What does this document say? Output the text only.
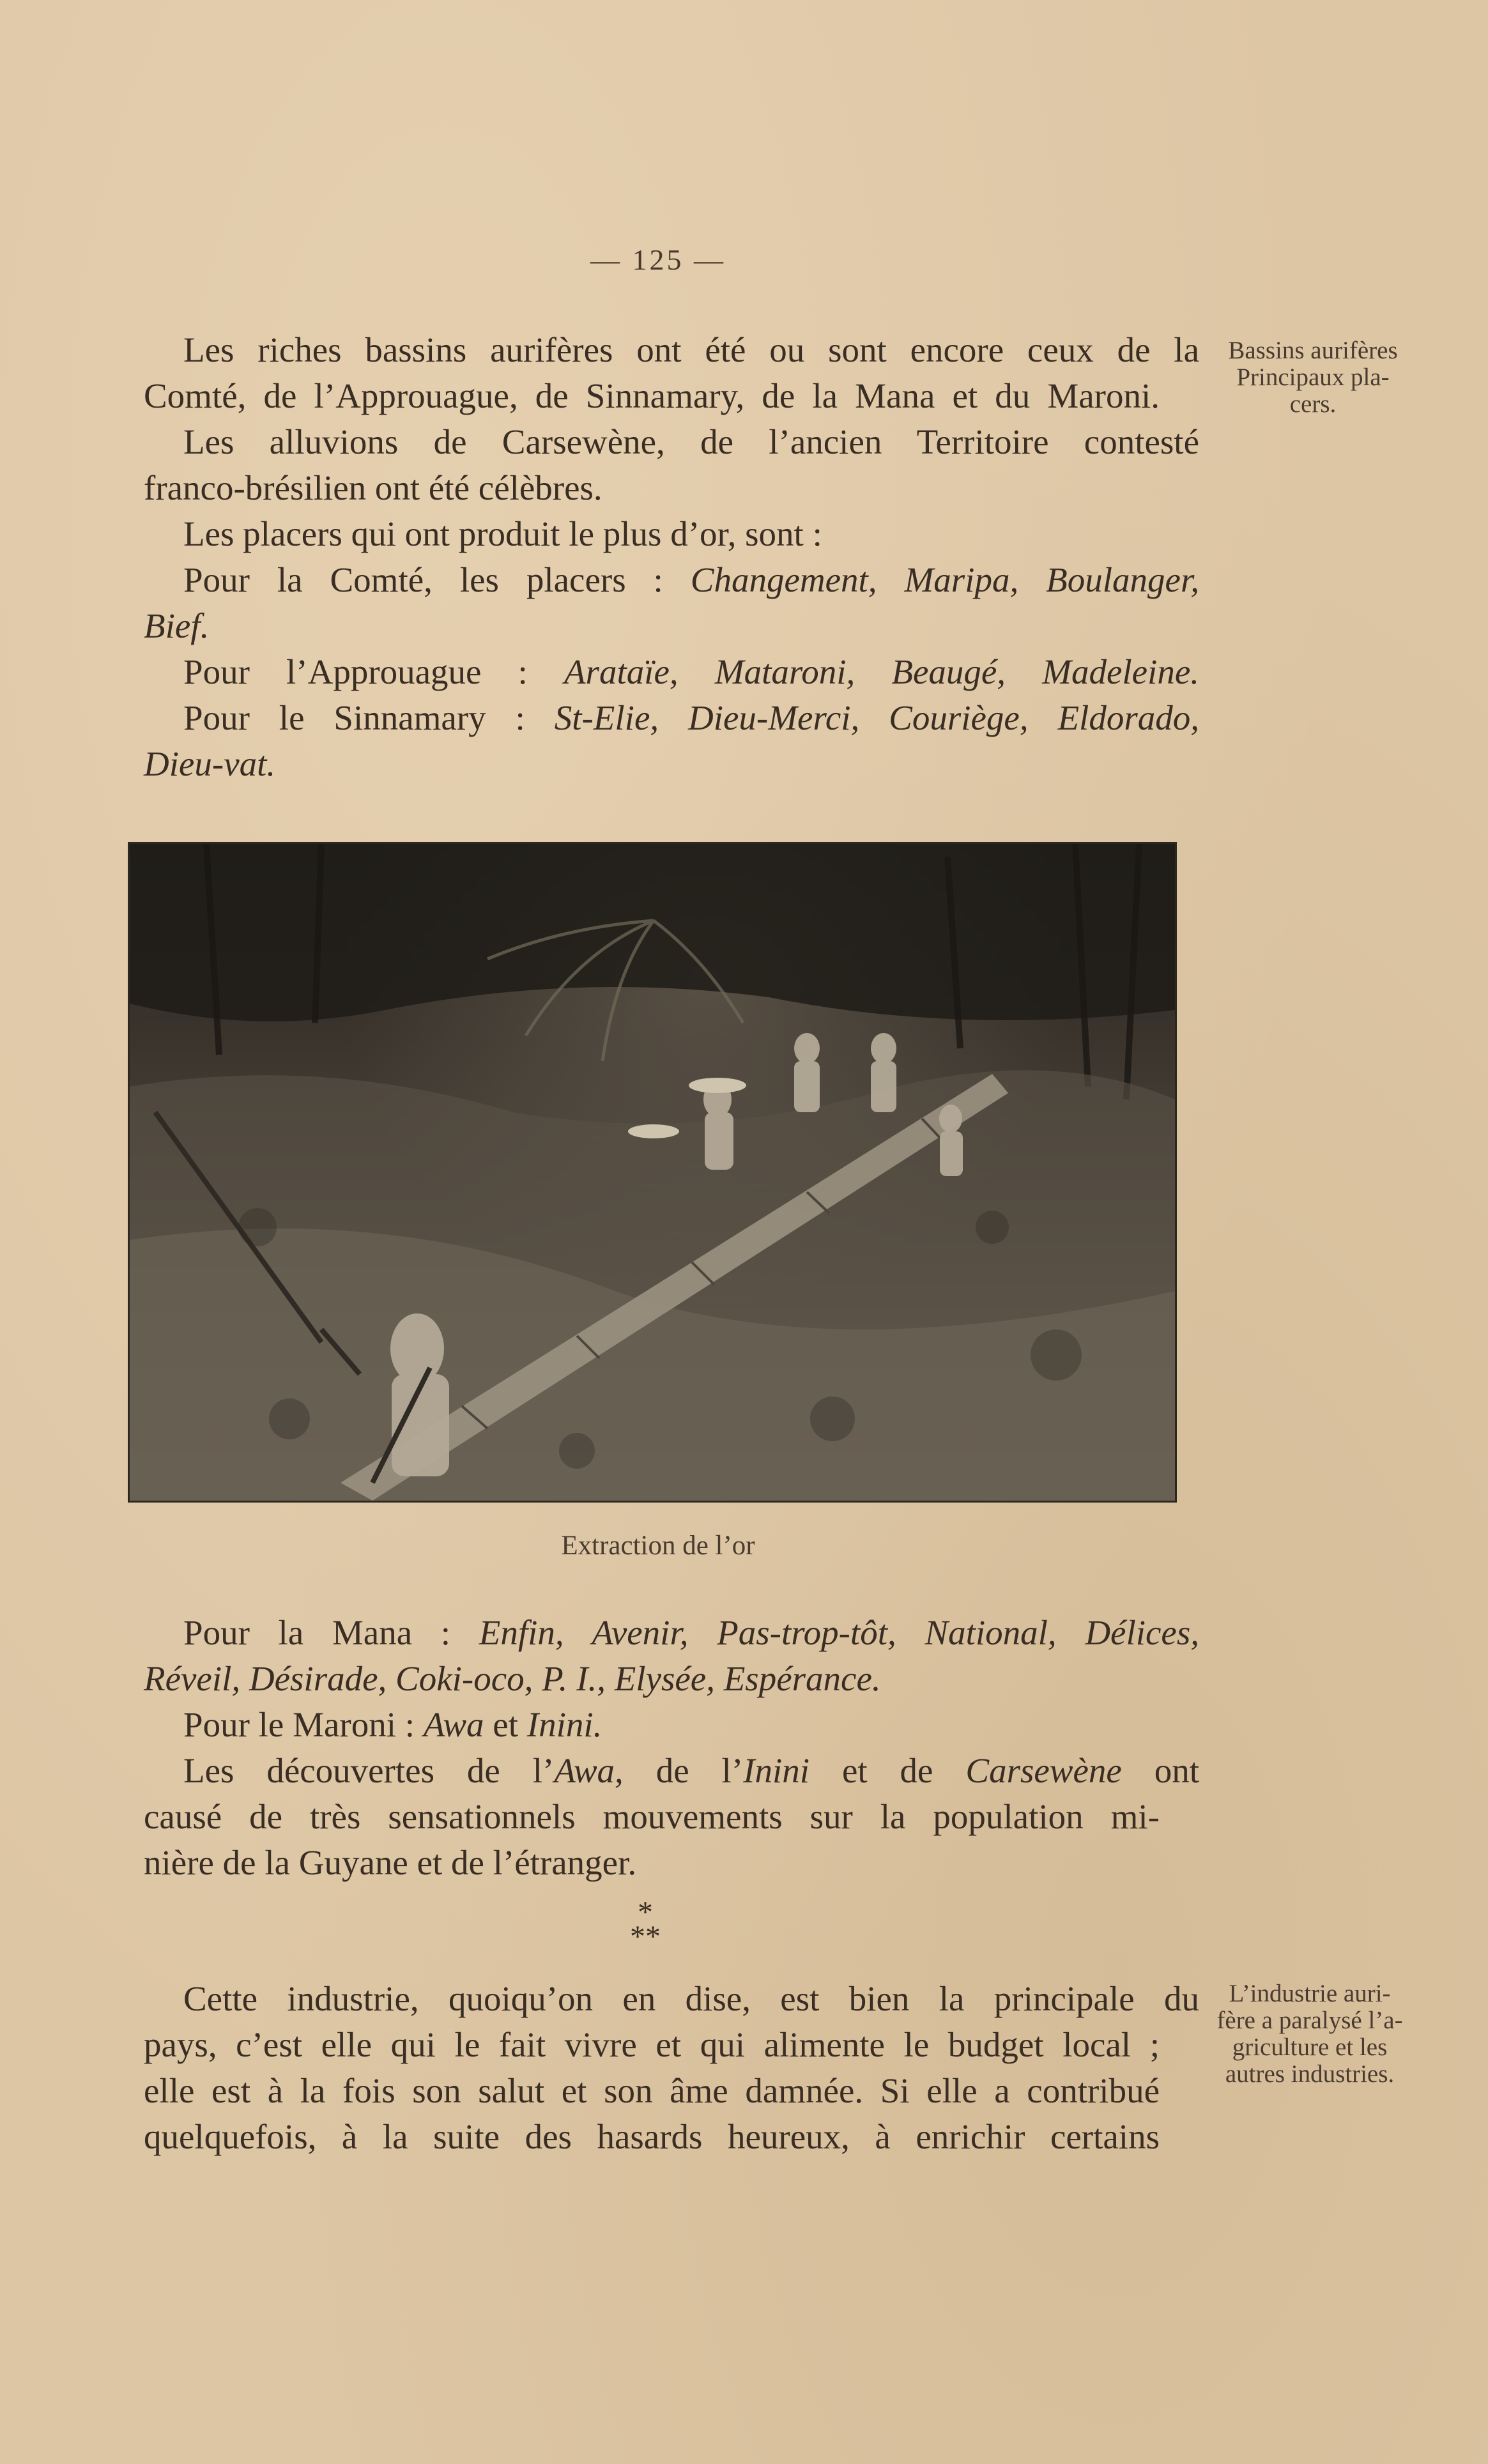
— 125 —
Bassins aurifères
Principaux pla-
cers.
Les riches bassins aurifères ont été ou sont encore ceux de la
Comté, de l’Approuague, de Sinnamary, de la Mana et du Maroni.
Les alluvions de Carsewène, de l’ancien Territoire contesté
franco-brésilien ont été célèbres.
Les placers qui ont produit le plus d’or, sont :
Pour la Comté, les placers : Changement, Maripa, Boulanger,
Bief.
Pour l’Approuague : Arataïe, Mataroni, Beaugé, Madeleine.
Pour le Sinnamary : St-Elie, Dieu-Merci, Couriège, Eldorado,
Dieu-vat.
Extraction de l’or
Pour la Mana : Enfin, Avenir, Pas-trop-tôt, National, Délices,
Réveil, Désirade, Coki-oco, P. I., Elysée, Espérance.
Pour le Maroni : Awa et Inini.
Les découvertes de l’Awa, de l’Inini et de Carsewène ont
causé de très sensationnels mouvements sur la population mi-
nière de la Guyane et de l’étranger.
*
**
L’industrie auri-
fère a paralysé l’a-
griculture et les
autres industries.
Cette industrie, quoiqu’on en dise, est bien la principale du
pays, c’est elle qui le fait vivre et qui alimente le budget local ;
elle est à la fois son salut et son âme damnée. Si elle a contribué
quelquefois, à la suite des hasards heureux, à enrichir certains
